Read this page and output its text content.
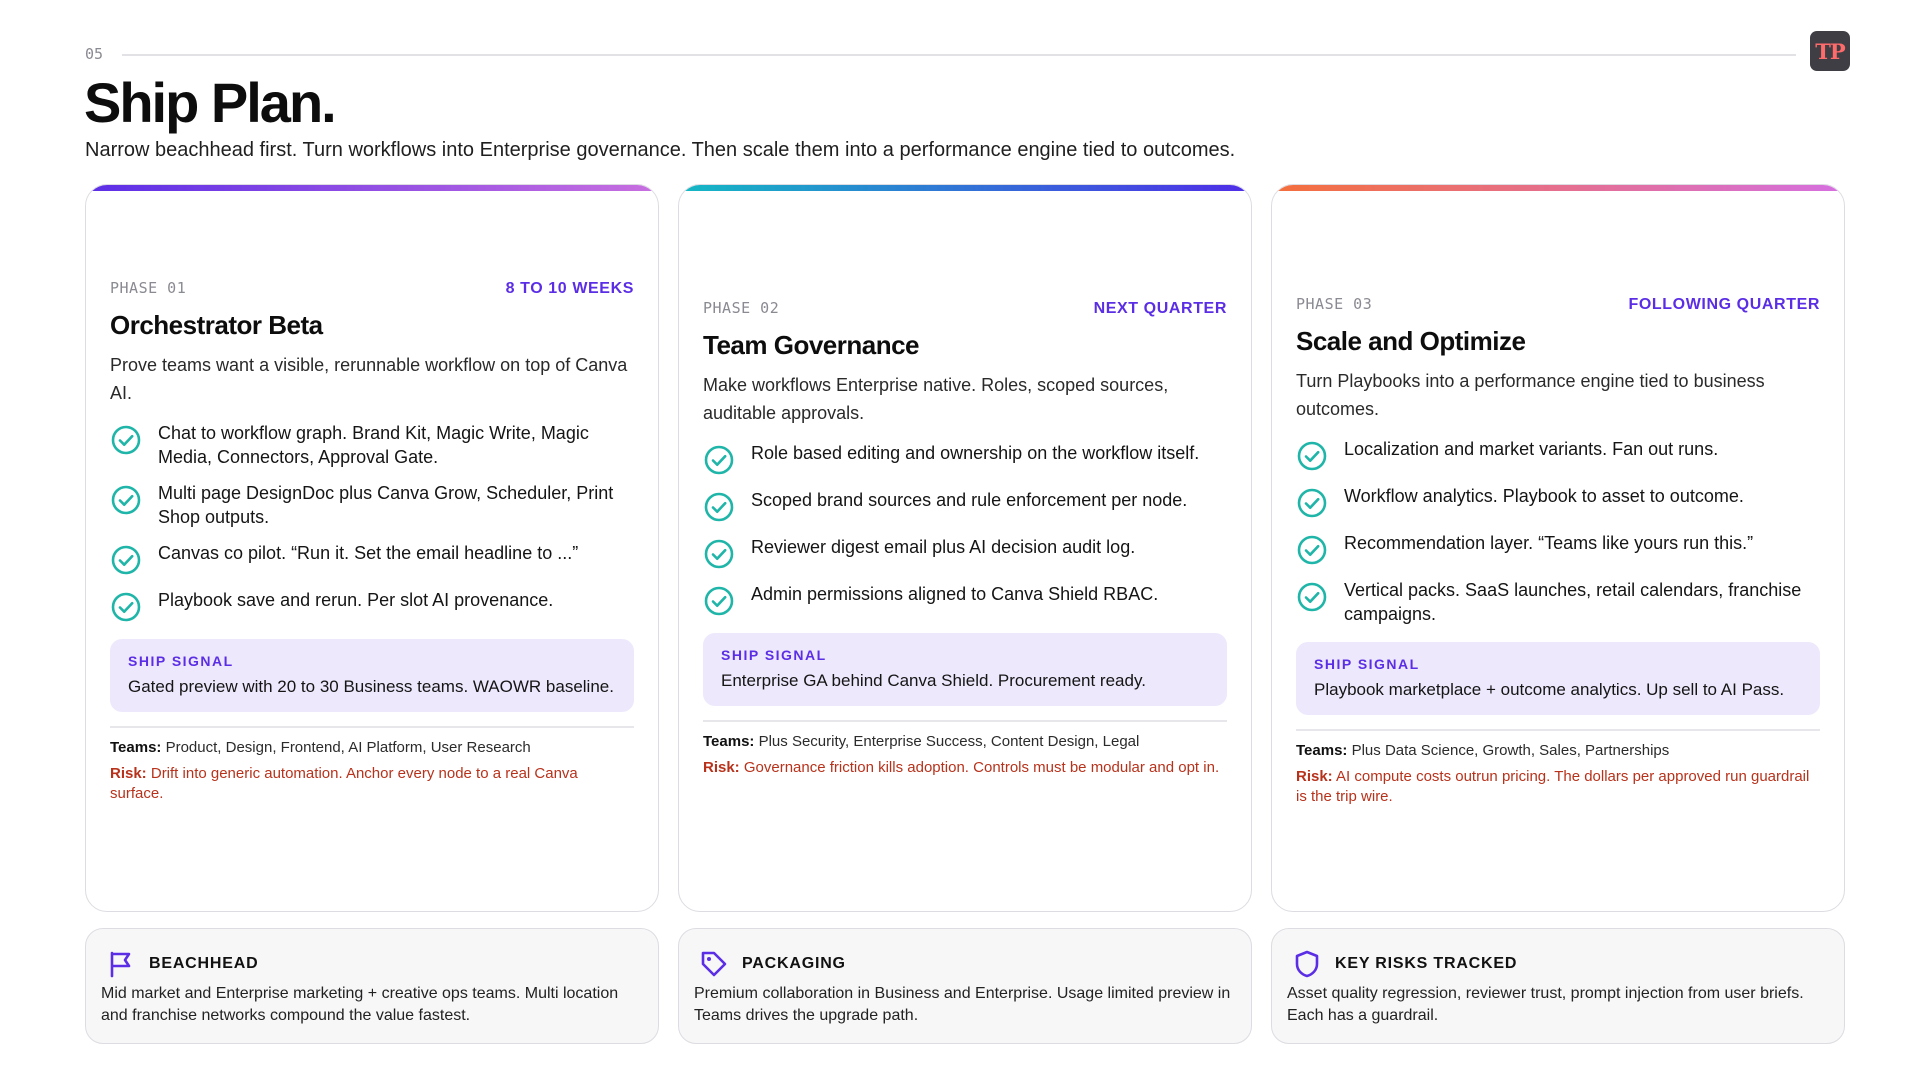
05	TP
Ship Plan.

Narrow beachhead first. Turn workflows into Enterprise governance. Then scale them into a performance engine tied to outcomes.

PHASE 01	8 TO 10 WEEKS
Orchestrator Beta
Prove teams want a visible, rerunnable workflow on top of Canva AI.
Chat to workflow graph. Brand Kit, Magic Write, Magic Media, Connectors, Approval Gate.
Multi page DesignDoc plus Canva Grow, Scheduler, Print Shop outputs.
Canvas co pilot. “Run it. Set the email headline to ...”
Playbook save and rerun. Per slot AI provenance.
SHIP SIGNAL
Gated preview with 20 to 30 Business teams. WAOWR baseline.
Teams: Product, Design, Frontend, AI Platform, User Research
Risk: Drift into generic automation. Anchor every node to a real Canva surface.
PHASE 02	NEXT QUARTER
Team Governance
Make workflows Enterprise native. Roles, scoped sources, auditable approvals.
Role based editing and ownership on the workflow itself.
Scoped brand sources and rule enforcement per node.
Reviewer digest email plus AI decision audit log.
Admin permissions aligned to Canva Shield RBAC.
SHIP SIGNAL
Enterprise GA behind Canva Shield. Procurement ready.
Teams: Plus Security, Enterprise Success, Content Design, Legal
Risk: Governance friction kills adoption. Controls must be modular and opt in.
PHASE 03	FOLLOWING QUARTER
Scale and Optimize
Turn Playbooks into a performance engine tied to business outcomes.
Localization and market variants. Fan out runs.
Workflow analytics. Playbook to asset to outcome.
Recommendation layer. “Teams like yours run this.”
Vertical packs. SaaS launches, retail calendars, franchise campaigns.
SHIP SIGNAL
Playbook marketplace + outcome analytics. Up sell to AI Pass.
Teams: Plus Data Science, Growth, Sales, Partnerships
Risk: AI compute costs outrun pricing. The dollars per approved run guardrail is the trip wire.
BEACHHEAD
Mid market and Enterprise marketing + creative ops teams. Multi location and franchise networks compound the value fastest.
PACKAGING
Premium collaboration in Business and Enterprise. Usage limited preview in Teams drives the upgrade path.
KEY RISKS TRACKED
Asset quality regression, reviewer trust, prompt injection from user briefs. Each has a guardrail.
